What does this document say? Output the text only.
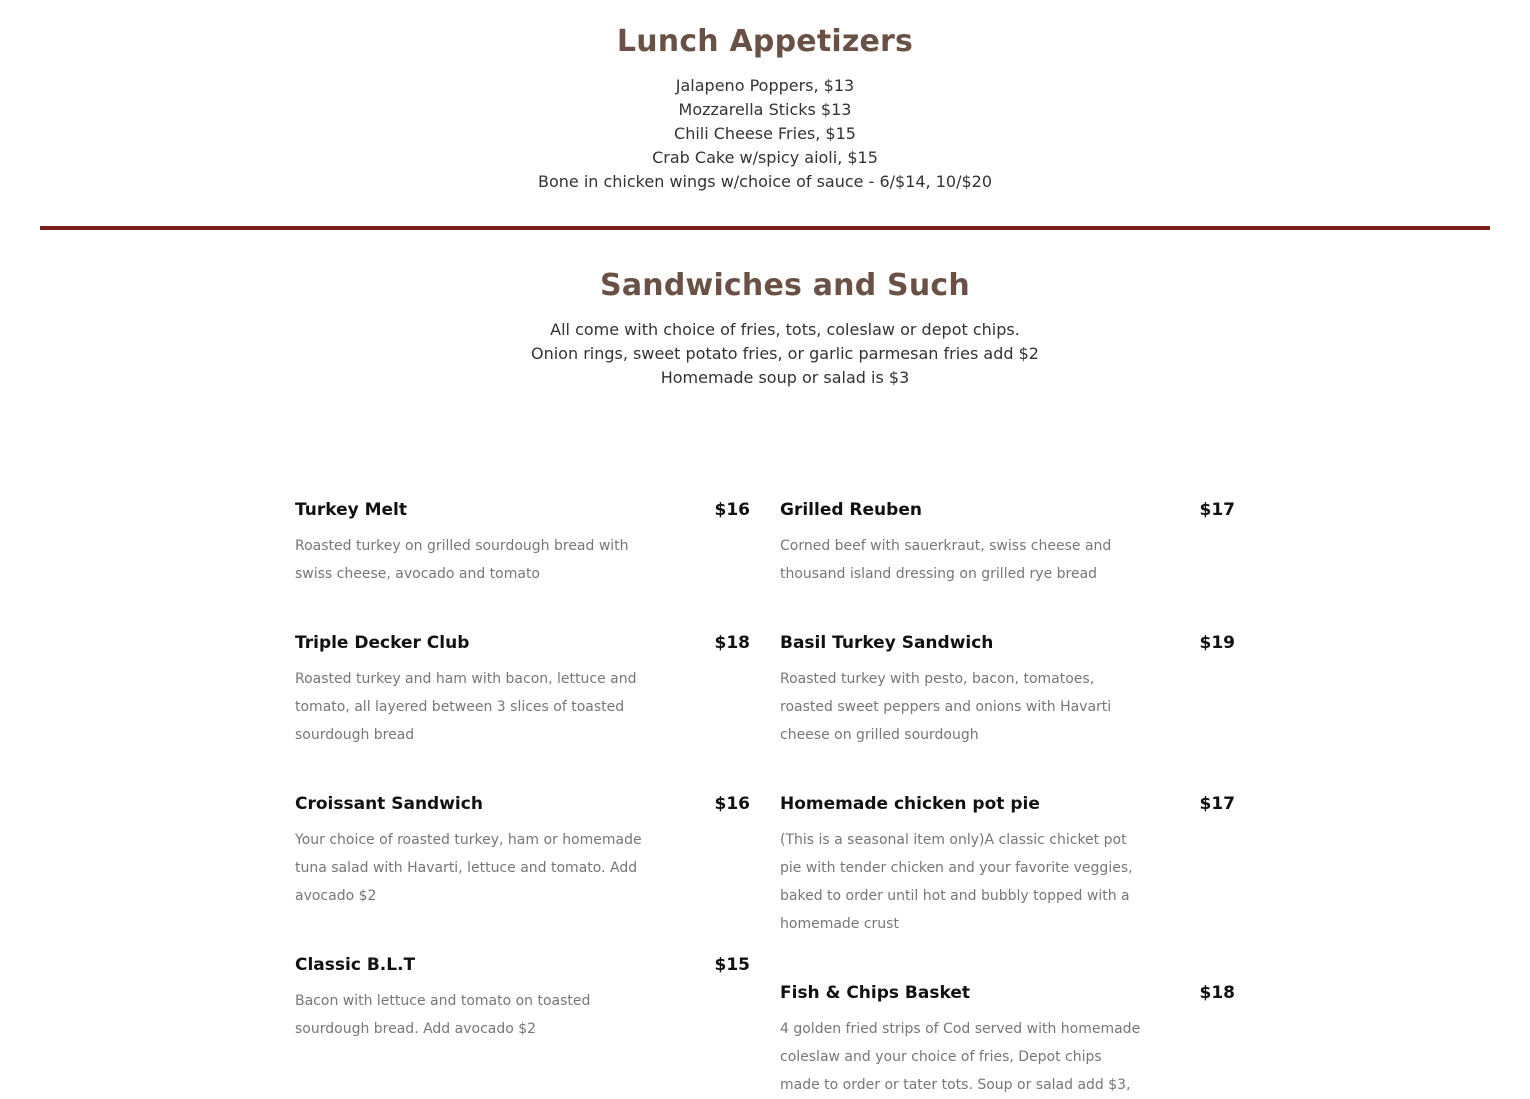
Lunch Appetizers
Jalapeno Poppers, $13
Mozzarella Sticks $13
Chili Cheese Fries, $15
Crab Cake w/spicy aioli, $15
Bone in chicken wings w/choice of sauce - 6/$14, 10/$20
Sandwiches and Such
All come with choice of fries, tots, coleslaw or depot chips.
Onion rings, sweet potato fries, or garlic parmesan fries add $2
Homemade soup or salad is $3
Turkey Melt	$16
Roasted turkey on grilled sourdough bread with swiss cheese, avocado and tomato
Triple Decker Club	$18
Roasted turkey and ham with bacon, lettuce and tomato, all layered between 3 slices of toasted sourdough bread
Croissant Sandwich	$16
Your choice of roasted turkey, ham or homemade tuna salad with Havarti, lettuce and tomato. Add avocado $2
Classic B.L.T	$15
Bacon with lettuce and tomato on toasted sourdough bread. Add avocado $2
Grilled Reuben	$17
Corned beef with sauerkraut, swiss cheese and thousand island dressing on grilled rye bread
Basil Turkey Sandwich	$19
Roasted turkey with pesto, bacon, tomatoes, roasted sweet peppers and onions with Havarti cheese on grilled sourdough
Homemade chicken pot pie	$17
(This is a seasonal item only)A classic chicket pot pie with tender chicken and your favorite veggies, baked to order until hot and bubbly topped with a homemade crust
Fish & Chips Basket	$18
4 golden fried strips of Cod served with homemade coleslaw and your choice of fries, Depot chips made to order or tater tots. Soup or salad add $3,
